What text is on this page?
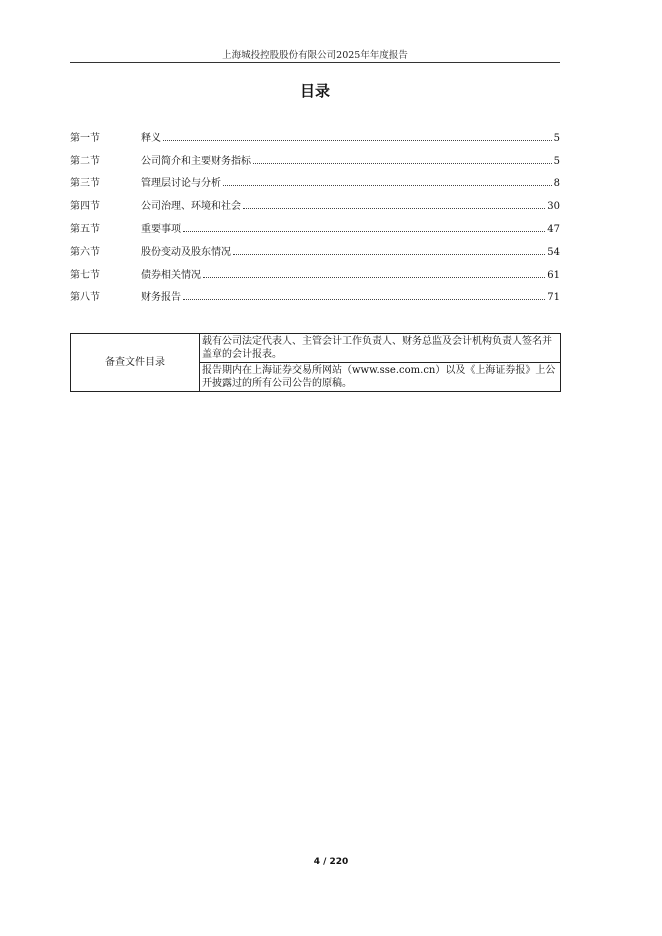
上海城投控股股份有限公司2025年年度报告
目录
第一节	释义	5
第二节	公司简介和主要财务指标	5
第三节	管理层讨论与分析	8
第四节	公司治理、环境和社会	30
第五节	重要事项	47
第六节	股份变动及股东情况	54
第七节	债券相关情况	61
第八节	财务报告	71
备查文件目录	载有公司法定代表人、主管会计工作负责人、财务总监及会计机构负责人签名并盖章的会计报表。
报告期内在上海证券交易所网站（www.sse.com.cn）以及《上海证券报》上公开披露过的所有公司公告的原稿。
4 / 220
